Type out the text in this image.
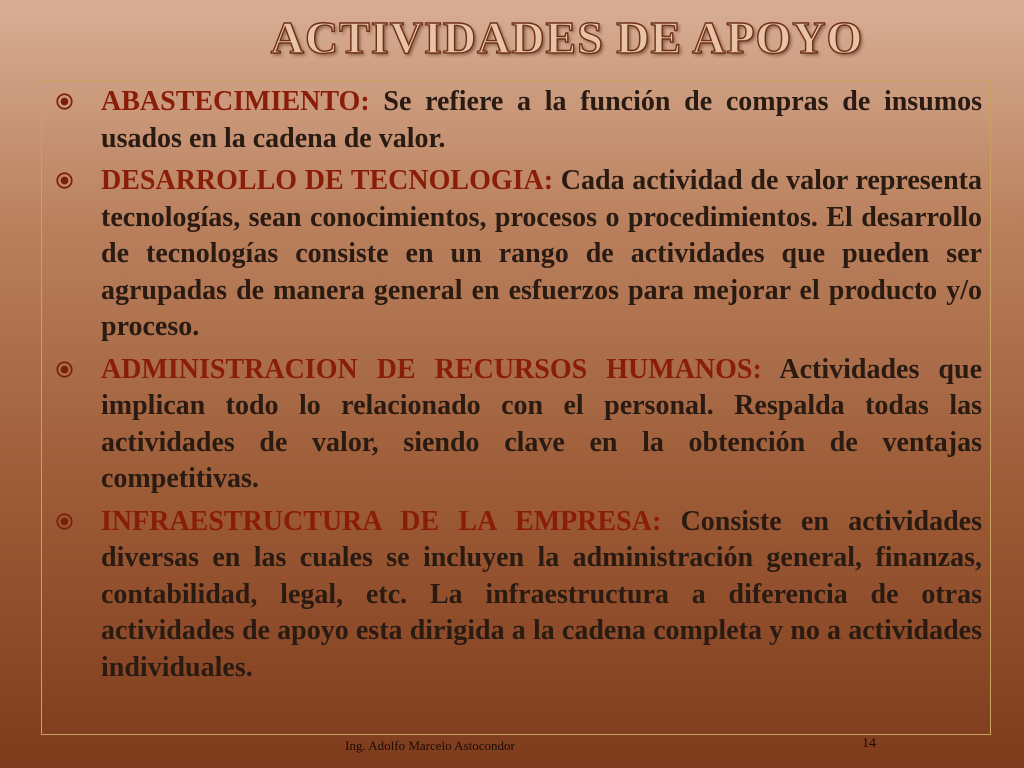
ACTIVIDADES DE APOYO
ABASTECIMIENTO: Se refiere a la función de compras de insumos usados en la cadena de valor.
DESARROLLO DE TECNOLOGIA: Cada actividad de valor representa tecnologías, sean conocimientos, procesos o procedimientos. El desarrollo de tecnologías consiste en un rango de actividades que pueden ser agrupadas de manera general en esfuerzos para mejorar el producto y/o proceso.
ADMINISTRACION DE RECURSOS HUMANOS: Actividades que implican todo lo relacionado con el personal. Respalda todas las actividades de valor, siendo clave en la obtención de ventajas competitivas.
INFRAESTRUCTURA DE LA EMPRESA: Consiste en actividades diversas en las cuales se incluyen la administración general, finanzas, contabilidad, legal, etc. La infraestructura a diferencia de otras actividades de apoyo esta dirigida a la cadena completa y no a actividades individuales.
Ing. Adolfo Marcelo Astocondor	14
